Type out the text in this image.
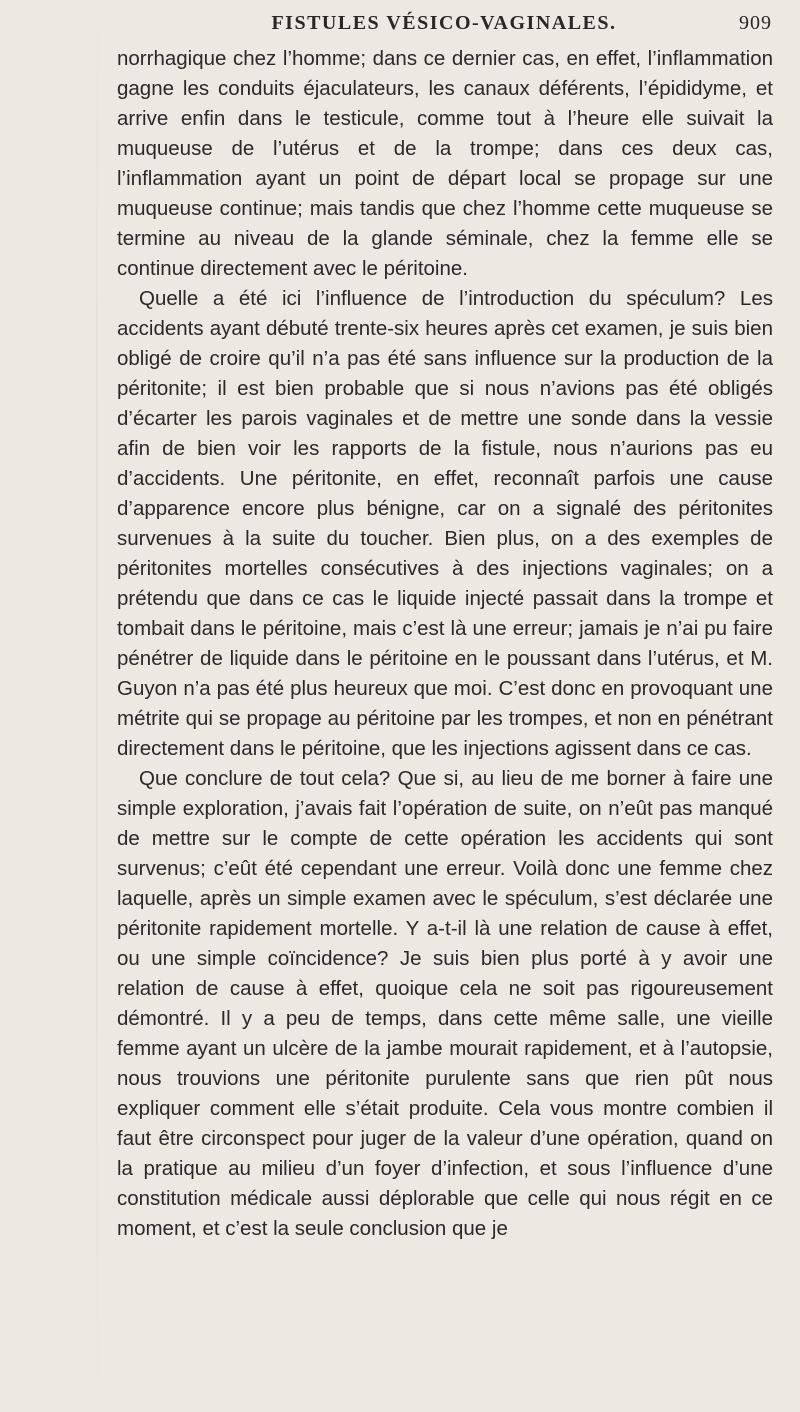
FISTULES VÉSICO-VAGINALES.	909

norrhagique chez l’homme; dans ce dernier cas, en effet, l’inflammation gagne les conduits éjaculateurs, les canaux déférents, l’épididyme, et arrive enfin dans le testicule, comme tout à l’heure elle suivait la muqueuse de l’utérus et de la trompe; dans ces deux cas, l’inflammation ayant un point de départ local se propage sur une muqueuse continue; mais tandis que chez l’homme cette muqueuse se termine au niveau de la glande séminale, chez la femme elle se continue directement avec le péritoine.

Quelle a été ici l’influence de l’introduction du spéculum? Les accidents ayant débuté trente-six heures après cet examen, je suis bien obligé de croire qu’il n’a pas été sans influence sur la production de la péritonite; il est bien probable que si nous n’avions pas été obligés d’écarter les parois vaginales et de mettre une sonde dans la vessie afin de bien voir les rapports de la fistule, nous n’aurions pas eu d’accidents. Une péritonite, en effet, reconnaît parfois une cause d’apparence encore plus bénigne, car on a signalé des péritonites survenues à la suite du toucher. Bien plus, on a des exemples de péritonites mortelles consécutives à des injections vaginales; on a prétendu que dans ce cas le liquide injecté passait dans la trompe et tombait dans le péritoine, mais c’est là une erreur; jamais je n’ai pu faire pénétrer de liquide dans le péritoine en le poussant dans l’utérus, et M. Guyon n’a pas été plus heureux que moi. C’est donc en provoquant une métrite qui se propage au péritoine par les trompes, et non en pénétrant directement dans le péritoine, que les injections agissent dans ce cas.

Que conclure de tout cela? Que si, au lieu de me borner à faire une simple exploration, j’avais fait l’opération de suite, on n’eût pas manqué de mettre sur le compte de cette opération les accidents qui sont survenus; c’eût été cependant une erreur. Voilà donc une femme chez laquelle, après un simple examen avec le spéculum, s’est déclarée une péritonite rapidement mortelle. Y a-t-il là une relation de cause à effet, ou une simple coïncidence? Je suis bien plus porté à y avoir une relation de cause à effet, quoique cela ne soit pas rigoureusement démontré. Il y a peu de temps, dans cette même salle, une vieille femme ayant un ulcère de la jambe mourait rapidement, et à l’autopsie, nous trouvions une péritonite purulente sans que rien pût nous expliquer comment elle s’était produite. Cela vous montre combien il faut être circonspect pour juger de la valeur d’une opération, quand on la pratique au milieu d’un foyer d’infection, et sous l’influence d’une constitution médicale aussi déplorable que celle qui nous régit en ce moment, et c’est la seule conclusion que je
